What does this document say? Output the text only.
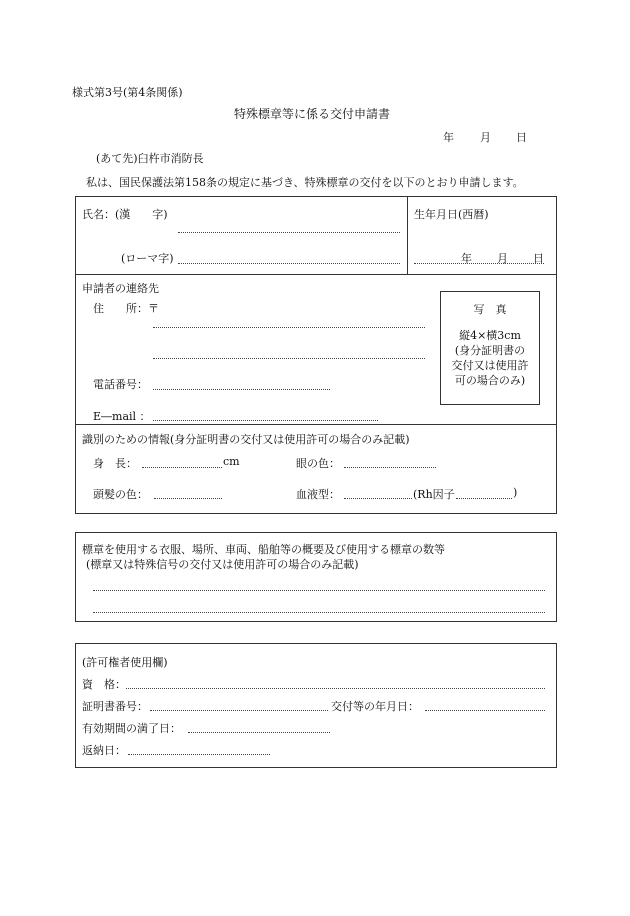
様式第3号(第4条関係)
特殊標章等に係る交付申請書
年 月 日
(あて先)臼杵市消防長
私は、国民保護法第158条の規定に基づき、特殊標章の交付を以下のとおり申請します。
氏名：(漢　　字)
(ローマ字)
生年月日(西暦)
年 月 日
申請者の連絡先
住　　所：〒
電話番号：
E―mail ：
写　真
縦4×横3cm
(身分証明書の
交付又は使用許
可の場合のみ)
識別のための情報(身分証明書の交付又は使用許可の場合のみ記載)
身　長：	cm	眼の色：
頭髪の色：	血液型：	(Rh因子	)
標章を使用する衣服、場所、車両、船舶等の概要及び使用する標章の数等
(標章又は特殊信号の交付又は使用許可の場合のみ記載)
(許可権者使用欄)
資　格：
証明書番号：	交付等の年月日：
有効期間の満了日：
返納日：
